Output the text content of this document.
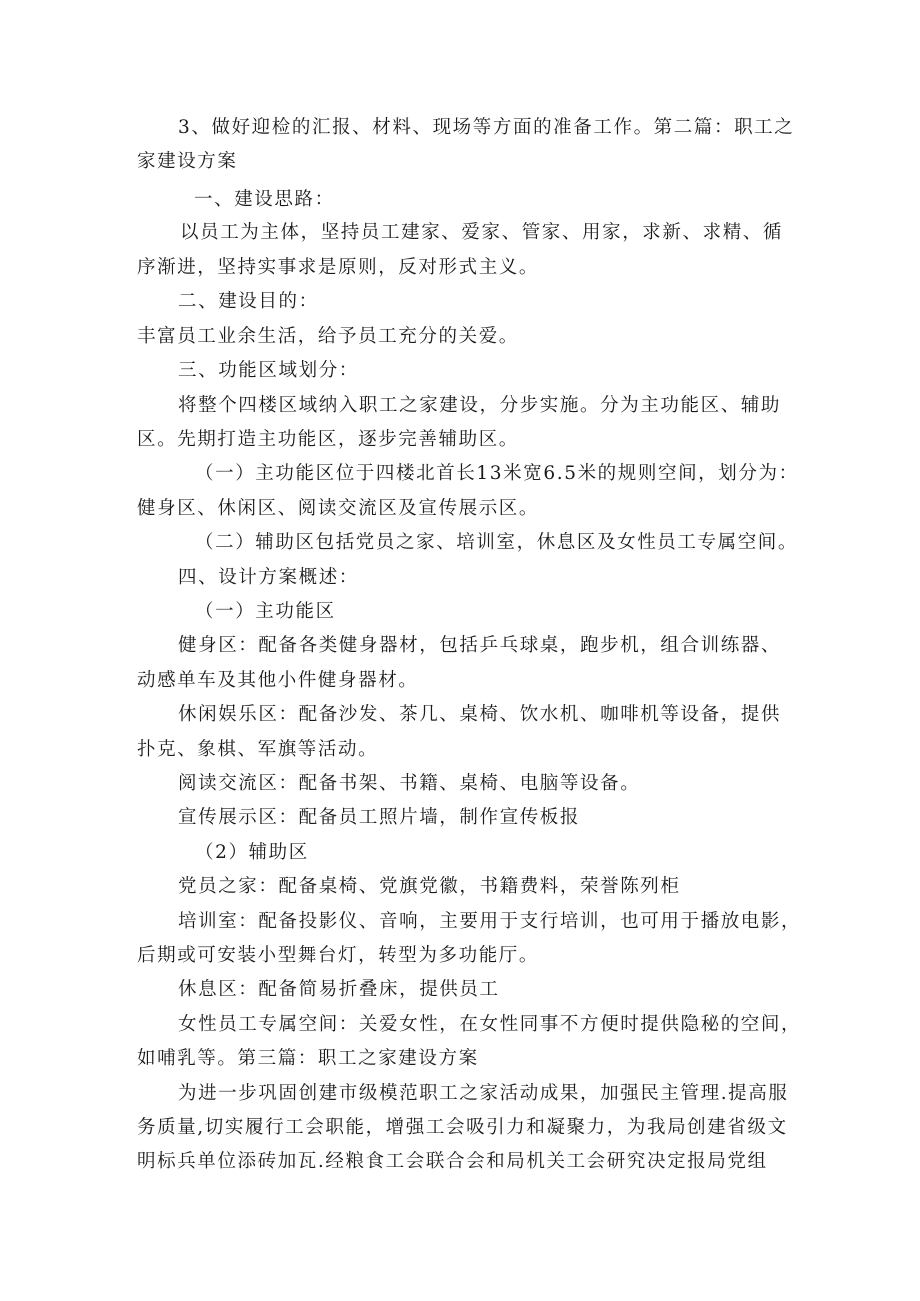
3、做好迎检的汇报、材料、现场等方面的准备工作。第二篇：职工之
家建设方案
一、建设思路：
以员工为主体，坚持员工建家、爱家、管家、用家，求新、求精、循
序渐进，坚持实事求是原则，反对形式主义。
二、建设目的：
丰富员工业余生活，给予员工充分的关爱。
三、功能区域划分：
将整个四楼区域纳入职工之家建设，分步实施。分为主功能区、辅助
区。先期打造主功能区，逐步完善辅助区。
（一）主功能区位于四楼北首长13米宽6.5米的规则空间，划分为：
健身区、休闲区、阅读交流区及宣传展示区。
（二）辅助区包括党员之家、培训室，休息区及女性员工专属空间。
四、设计方案概述：
（一）主功能区
健身区：配备各类健身器材，包括乒乓球桌，跑步机，组合训练器、
动感单车及其他小件健身器材。
休闲娱乐区：配备沙发、茶几、桌椅、饮水机、咖啡机等设备，提供
扑克、象棋、军旗等活动。
阅读交流区：配备书架、书籍、桌椅、电脑等设备。
宣传展示区：配备员工照片墙，制作宣传板报
（2）辅助区
党员之家：配备桌椅、党旗党徽，书籍费料，荣誉陈列柜
培训室：配备投影仪、音响，主要用于支行培训，也可用于播放电影，
后期或可安装小型舞台灯，转型为多功能厅。
休息区：配备简易折叠床，提供员工
女性员工专属空间：关爱女性，在女性同事不方便时提供隐秘的空间，
如哺乳等。第三篇：职工之家建设方案
为进一步巩固创建市级模范职工之家活动成果，加强民主管理.提高服
务质量,切实履行工会职能，增强工会吸引力和凝聚力，为我局创建省级文
明标兵单位添砖加瓦.经粮食工会联合会和局机关工会研究决定报局党组
